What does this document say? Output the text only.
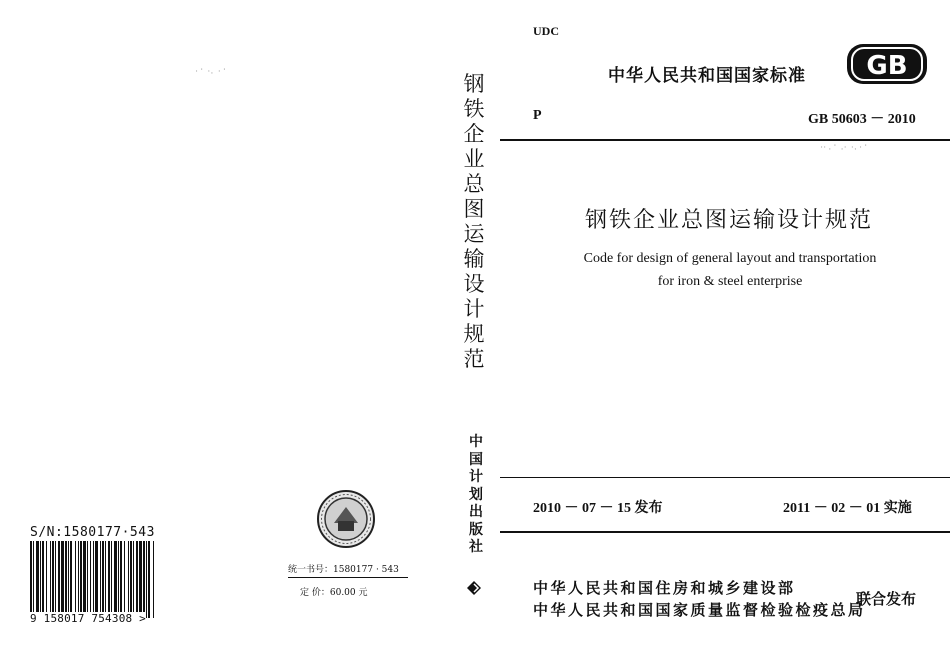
钢铁企业总图运输设计规范
中国计划出版社
UDC
中华人民共和国国家标准 GB
P	GB 50603 － 2010
⠐⠂⠄⠁⠠⠂⠐⠄⠂⠁
钢铁企业总图运输设计规范
Code for design of general layout and transportation
for iron & steel enterprise
2010 － 07 － 15 发布	2011 － 02 － 01 实施
中华人民共和国住房和城乡建设部
中华人民共和国国家质量监督检验检疫总局
联合发布
⠂⠁⠐⠄ ⠂⠁
S/N:1580177·543
9 158017 754308 >
统一书号：1580177 · 543
定 价：60.00 元
